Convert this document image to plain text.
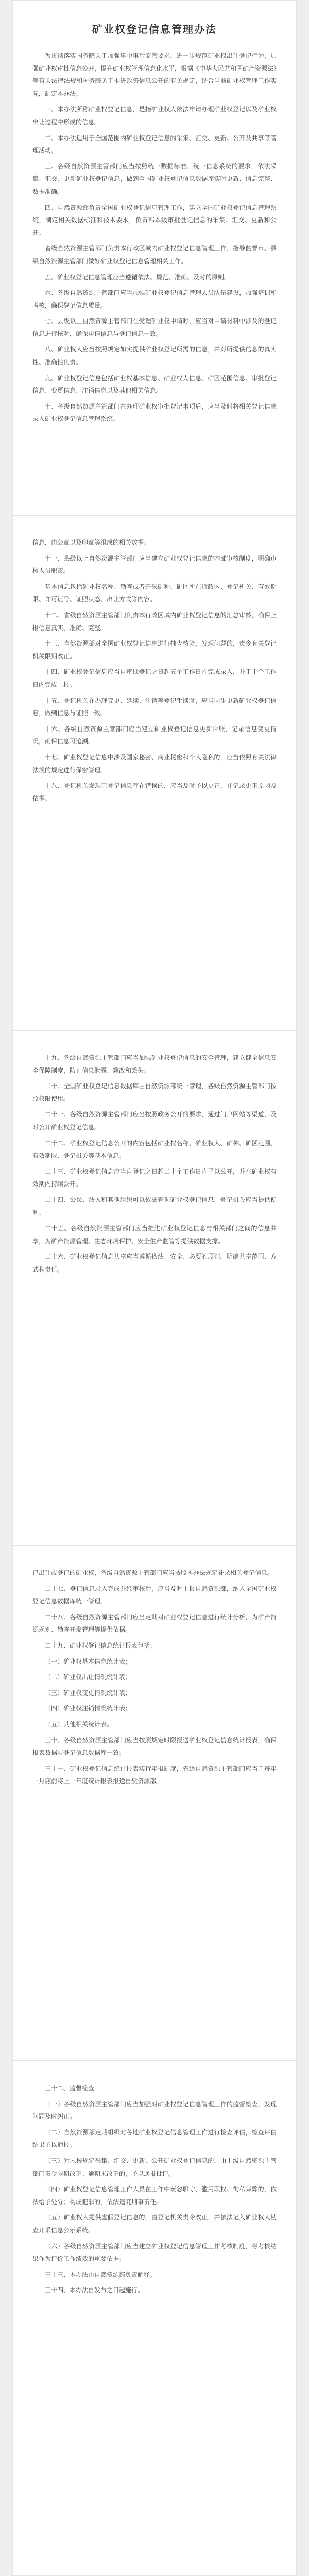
矿业权登记信息管理办法

为贯彻落实国务院关于加强事中事后监管要求，进一步规范矿业权出让登记行为，加强矿业权审批信息公开，提升矿业权管理信息化水平，根据《中华人民共和国矿产资源法》等有关法律法规和国务院关于推进政务信息公开的有关规定，结合当前矿业权管理工作实际，制定本办法。

一、本办法所称矿业权登记信息，是指矿业权人依法申请办理矿业权登记以及矿业权出让过程中形成的信息。

二、本办法适用于全国范围内矿业权登记信息的采集、汇交、更新、公开及共享等管理活动。

三、各级自然资源主管部门应当按照统一数据标准、统一信息系统的要求，依法采集、汇交、更新矿业权登记信息，做到全国矿业权登记信息数据库实时更新、信息完整、数据准确。

四、自然资源部负责全国矿业权登记信息管理工作，建立全国矿业权登记信息管理系统，制定相关数据标准和技术要求，负责部本级审批登记信息的采集、汇交、更新和公开。

省级自然资源主管部门负责本行政区域内矿业权登记信息管理工作，指导监督市、县级自然资源主管部门做好矿业权登记信息管理相关工作。

五、矿业权登记信息管理应当遵循依法、规范、准确、及时的原则。

六、各级自然资源主管部门应当加强矿业权登记信息管理人员队伍建设，加强培训和考核，确保登记信息质量。

七、县级以上自然资源主管部门在受理矿业权申请时，应当对申请材料中涉及的登记信息进行核对，确保申请信息与登记信息一致。

八、矿业权人应当按照规定如实提供矿业权登记所需的信息，并对所提供信息的真实性、准确性负责。

九、矿业权登记信息包括矿业权基本信息、矿业权人信息、矿区范围信息、审批登记信息、变更信息、注销信息以及其他相关信息。

十、各级自然资源主管部门在办理矿业权审批登记事项后，应当及时将相关登记信息录入矿业权登记信息管理系统。

信息，由公章以及印章等组成的相关数据。

十一、县级以上自然资源主管部门应当建立矿业权登记信息的内部审核制度，明确审核人员职责。

基本信息包括矿业权名称、勘查或者开采矿种、矿区所在行政区、登记机关、有效期限、许可证号、证照状态、出让方式等内容。

十二、省级自然资源主管部门负责本行政区域内矿业权登记信息的汇总审核，确保上报信息真实、准确、完整。

十三、自然资源部对全国矿业权登记信息进行抽查核验，发现问题的，责令有关登记机关限期改正。

十四、矿业权登记信息应当自审批登记之日起五个工作日内完成录入，并于十个工作日内完成上报。

十五、登记机关在办理变更、延续、注销等登记手续时，应当同步更新矿业权登记信息，做到信息与证照一致。

十六、各级自然资源主管部门应当建立矿业权登记信息更新台账，记录信息变更情况，确保信息可追溯。

十七、矿业权登记信息中涉及国家秘密、商业秘密和个人隐私的，应当依照有关法律法规的规定进行保密管理。

十八、登记机关发现已登记信息存在错误的，应当及时予以更正，并记录更正原因及依据。

十九、各级自然资源主管部门应当加强矿业权登记信息的安全管理，建立健全信息安全保障制度，防止信息泄露、篡改和丢失。

二十、全国矿业权登记信息数据库由自然资源部统一管理，各级自然资源主管部门按照权限使用。

二十一、各级自然资源主管部门应当按照政务公开的要求，通过门户网站等渠道，及时公开矿业权登记信息。

二十二、矿业权登记信息公开的内容包括矿业权名称、矿业权人、矿种、矿区范围、有效期限、登记机关等基本信息。

二十三、矿业权登记信息应当自登记之日起二十个工作日内予以公开，并在矿业权有效期内持续公开。

二十四、公民、法人和其他组织可以依法查询矿业权登记信息，登记机关应当提供便利。

二十五、各级自然资源主管部门应当推进矿业权登记信息与相关部门之间的信息共享，为矿产资源管理、生态环境保护、安全生产监管等提供数据支撑。

二十六、矿业权登记信息共享应当遵循依法、安全、必要的原则，明确共享范围、方式和责任。

已出让或登记的矿业权，各级自然资源主管部门应当按照本办法规定补录相关登记信息。

二十七、登记信息录入完成并经审核后，应当及时上报自然资源部，纳入全国矿业权登记信息数据库统一管理。

二十八、各级自然资源主管部门应当定期对矿业权登记信息进行统计分析，为矿产资源规划、勘查开发管理等提供依据。

二十九、矿业权登记信息统计报表包括：

（一）矿业权基本信息统计表；

（二）矿业权出让情况统计表；

（三）矿业权变更情况统计表；

（四）矿业权注销情况统计表；

（五）其他相关统计表。

三十、各级自然资源主管部门应当按照规定时限报送矿业权登记信息统计报表，确保报表数据与登记信息数据库一致。

三十一、矿业权登记信息统计报表实行年报制度，省级自然资源主管部门应当于每年一月底前将上一年度统计报表报送自然资源部。

三十二、监督检查

（一）各级自然资源主管部门应当加强对矿业权登记信息管理工作的监督检查，发现问题及时纠正。

（二）自然资源部定期组织对各地矿业权登记信息管理工作进行检查评估，检查评估结果予以通报。

（三）对未按规定采集、汇交、更新、公开矿业权登记信息的，由上级自然资源主管部门责令限期改正；逾期未改正的，予以通报批评。

（四）矿业权登记信息管理工作人员在工作中玩忽职守、滥用职权、徇私舞弊的，依法给予处分；构成犯罪的，依法追究刑事责任。

（五）矿业权人提供虚假登记信息的，由登记机关责令改正，并依法记入矿业权人勘查开采信息公示系统。

（六）各级自然资源主管部门应当建立矿业权登记信息管理工作考核制度，将考核结果作为评价工作绩效的重要依据。

三十三、本办法由自然资源部负责解释。

三十四、本办法自发布之日起施行。
